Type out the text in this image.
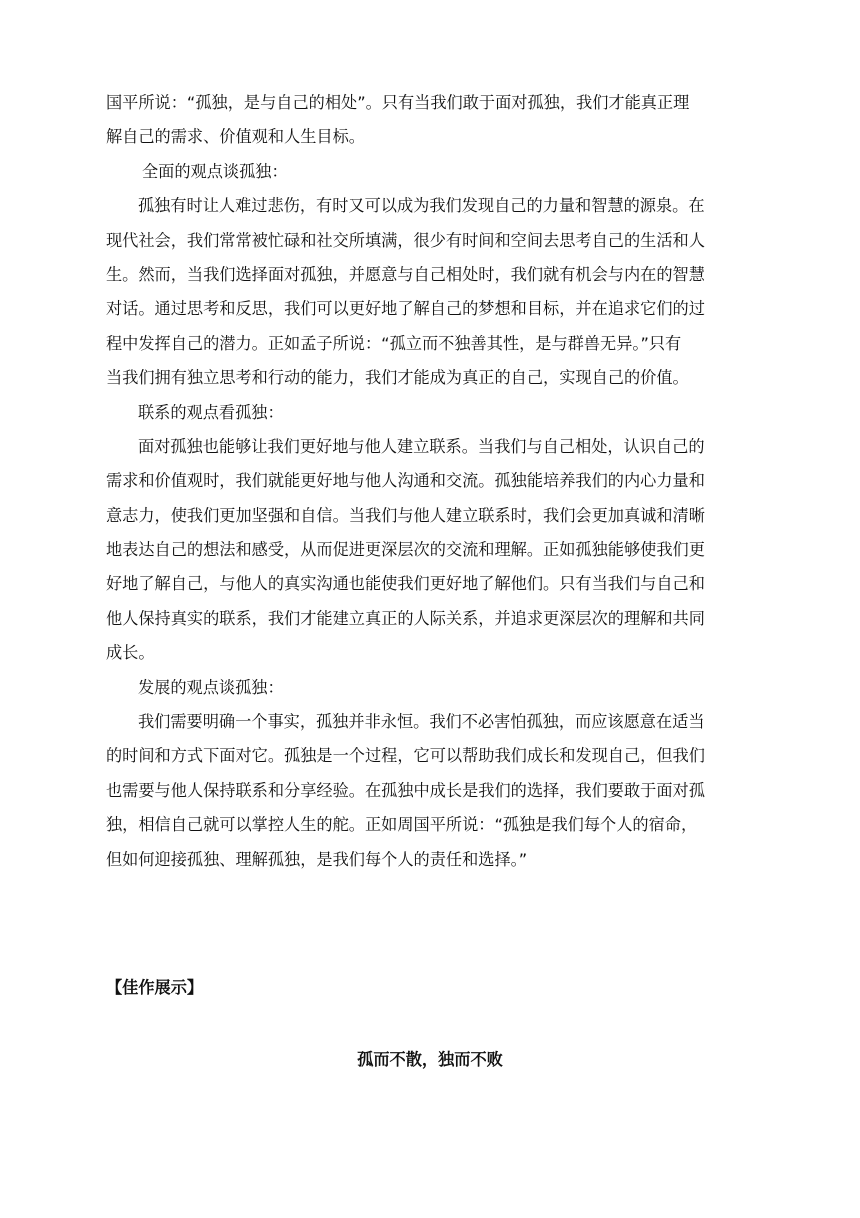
国平所说：“孤独，是与自己的相处”。只有当我们敢于面对孤独，我们才能真正理
解自己的需求、价值观和人生目标。
全面的观点谈孤独：
孤独有时让人难过悲伤，有时又可以成为我们发现自己的力量和智慧的源泉。在
现代社会，我们常常被忙碌和社交所填满，很少有时间和空间去思考自己的生活和人
生。然而，当我们选择面对孤独，并愿意与自己相处时，我们就有机会与内在的智慧
对话。通过思考和反思，我们可以更好地了解自己的梦想和目标，并在追求它们的过
程中发挥自己的潜力。正如孟子所说：“孤立而不独善其性，是与群兽无异。”只有
当我们拥有独立思考和行动的能力，我们才能成为真正的自己，实现自己的价值。
联系的观点看孤独：
面对孤独也能够让我们更好地与他人建立联系。当我们与自己相处，认识自己的
需求和价值观时，我们就能更好地与他人沟通和交流。孤独能培养我们的内心力量和
意志力，使我们更加坚强和自信。当我们与他人建立联系时，我们会更加真诚和清晰
地表达自己的想法和感受，从而促进更深层次的交流和理解。正如孤独能够使我们更
好地了解自己，与他人的真实沟通也能使我们更好地了解他们。只有当我们与自己和
他人保持真实的联系，我们才能建立真正的人际关系，并追求更深层次的理解和共同
成长。
发展的观点谈孤独：
我们需要明确一个事实，孤独并非永恒。我们不必害怕孤独，而应该愿意在适当
的时间和方式下面对它。孤独是一个过程，它可以帮助我们成长和发现自己，但我们
也需要与他人保持联系和分享经验。在孤独中成长是我们的选择，我们要敢于面对孤
独，相信自己就可以掌控人生的舵。正如周国平所说：“孤独是我们每个人的宿命，
但如何迎接孤独、理解孤独，是我们每个人的责任和选择。”
【佳作展示】
孤而不散，独而不败
